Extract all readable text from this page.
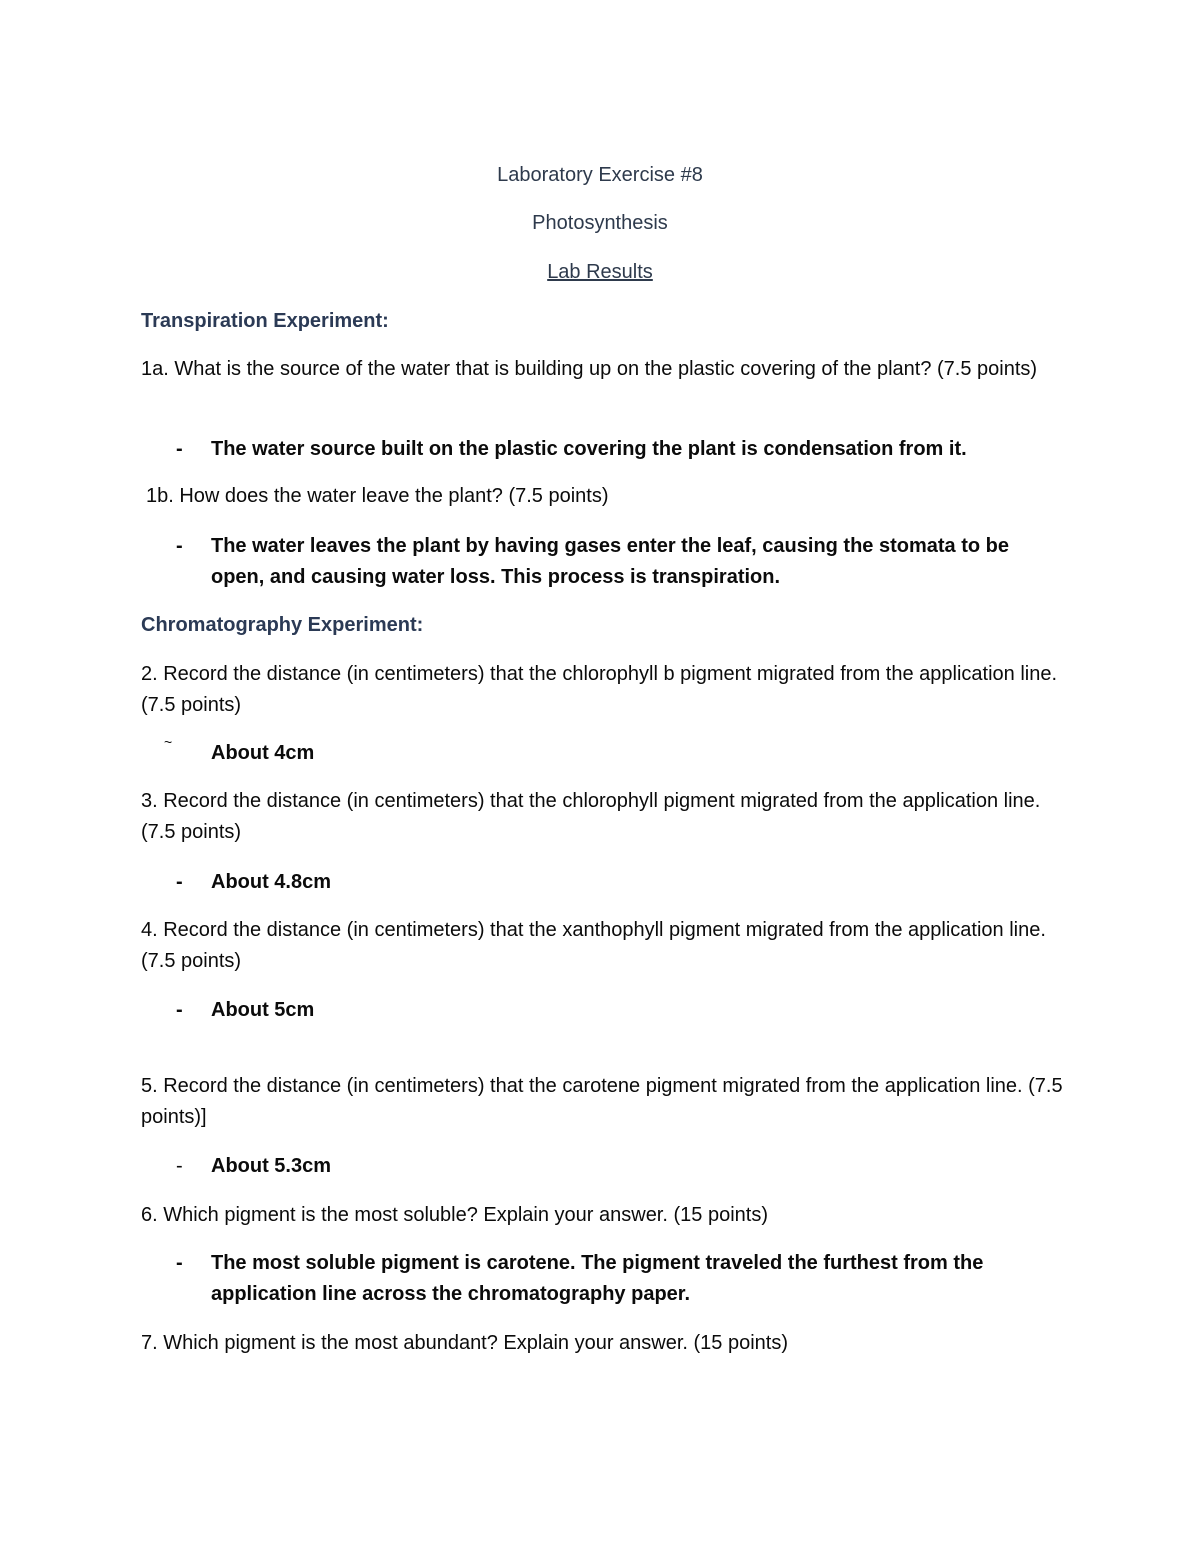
Laboratory Exercise #8
Photosynthesis
Lab Results
Transpiration Experiment:
1a. What is the source of the water that is building up on the plastic covering of the plant? (7.5 points)
-	The water source built on the plastic covering the plant is condensation from it.
1b. How does the water leave the plant? (7.5 points)
-	The water leaves the plant by having gases enter the leaf, causing the stomata to be open, and causing water loss. This process is transpiration.
Chromatography Experiment:
2. Record the distance (in centimeters) that the chlorophyll b pigment migrated from the application line. (7.5 points)
~	About 4cm
3. Record the distance (in centimeters) that the chlorophyll pigment migrated from the application line. (7.5 points)
-	About 4.8cm
4. Record the distance (in centimeters) that the xanthophyll pigment migrated from the application line. (7.5 points)
-	About 5cm
5. Record the distance (in centimeters) that the carotene pigment migrated from the application line. (7.5 points)]
-	About 5.3cm
6. Which pigment is the most soluble? Explain your answer. (15 points)
-	The most soluble pigment is carotene. The pigment traveled the furthest from the application line across the chromatography paper.
7. Which pigment is the most abundant? Explain your answer. (15 points)
